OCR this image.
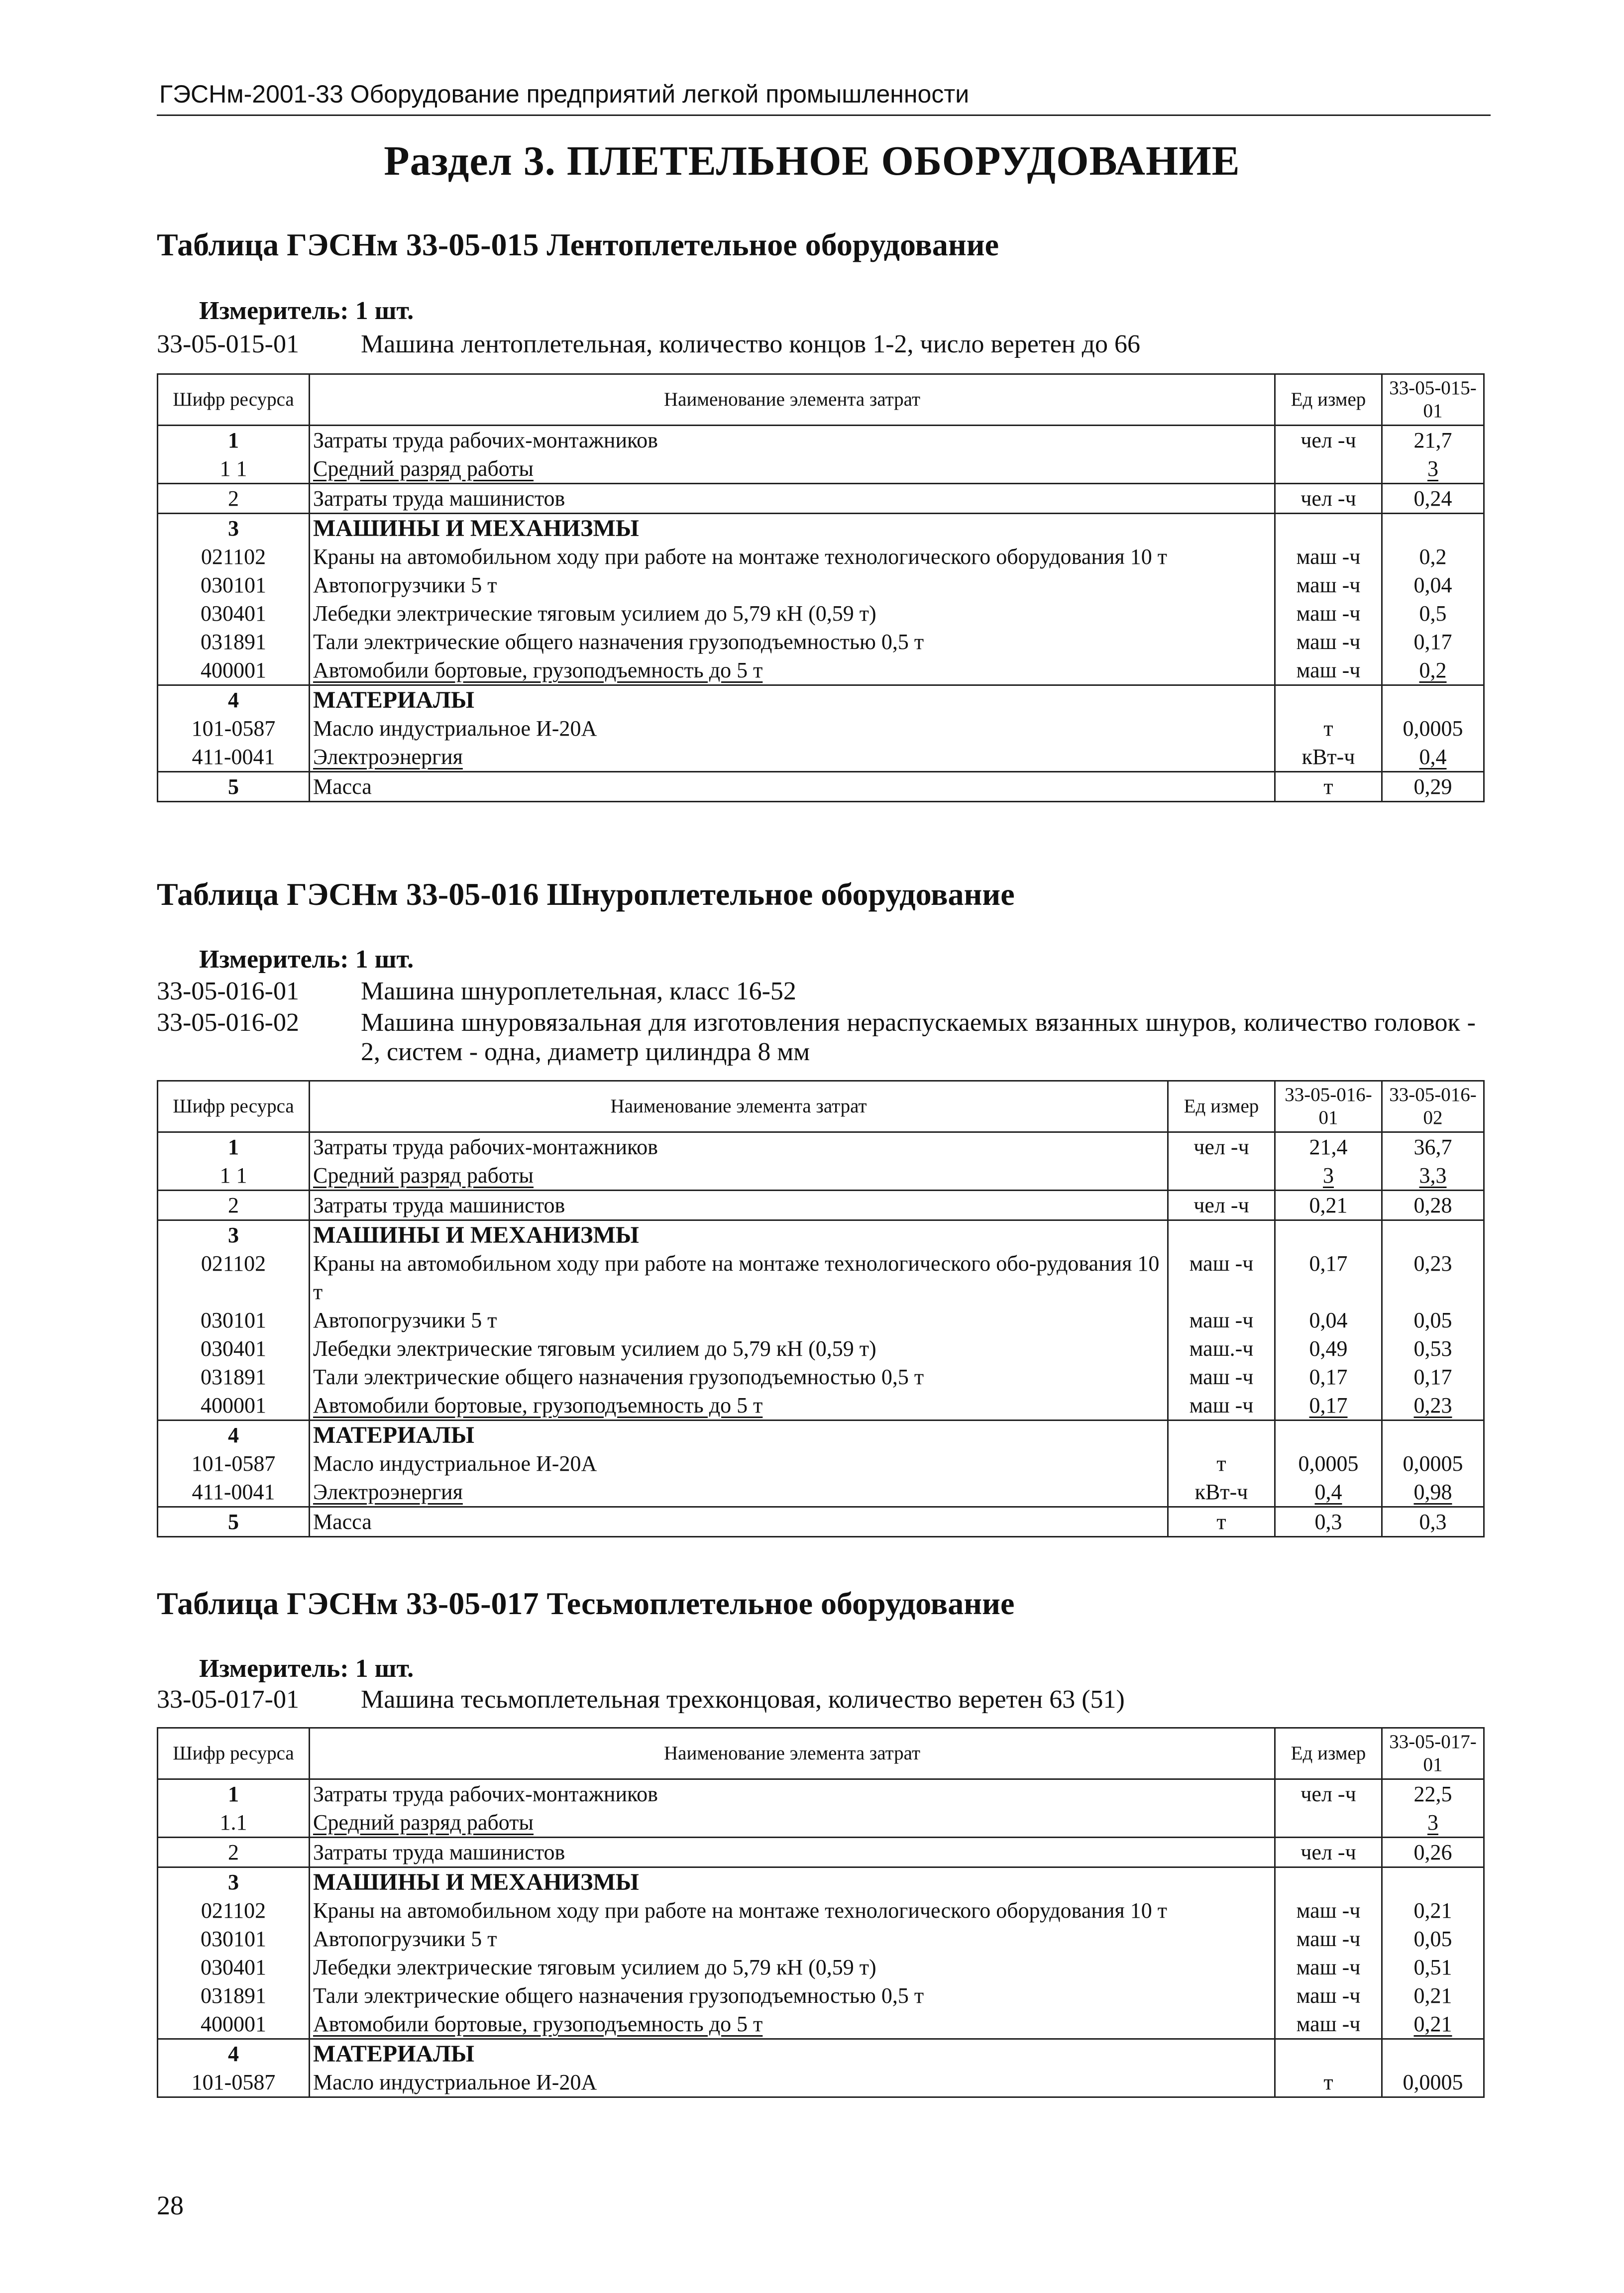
ГЭСНм-2001-33 Оборудование предприятий легкой промышленности
Раздел 3. ПЛЕТЕЛЬНОЕ ОБОРУДОВАНИЕ
Таблица ГЭСНм 33-05-015 Лентоплетельное оборудование
Измеритель: 1 шт.
33-05-015-01 Машина лентоплетельная, количество концов 1-2, число веретен до 66
Шифр ресурса	Наименование элемента затрат	Ед измер	33-05-015-01
1	Затраты труда рабочих-монтажников	чел -ч	21,7
1 1	Средний разряд работы		3
2	Затраты труда машинистов	чел -ч	0,24
3	МАШИНЫ И МЕХАНИЗМЫ		
021102	Краны на автомобильном ходу при работе на монтаже технологического оборудования 10 т	маш -ч	0,2
030101	Автопогрузчики 5 т	маш -ч	0,04
030401	Лебедки электрические тяговым усилием до 5,79 кН (0,59 т)	маш -ч	0,5
031891	Тали электрические общего назначения грузоподъемностью 0,5 т	маш -ч	0,17
400001	Автомобили бортовые, грузоподъемность до 5 т	маш -ч	0,2
4	МАТЕРИАЛЫ		
101-0587	Масло индустриальное И-20А	т	0,0005
411-0041	Электроэнергия	кВт-ч	0,4
5	Масса	т	0,29
Таблица ГЭСНм 33-05-016 Шнуроплетельное оборудование
Измеритель: 1 шт.
33-05-016-01 Машина шнуроплетельная, класс 16-52
33-05-016-02 Машина шнуровязальная для изготовления нераспускаемых вязанных шнуров, количество головок - 2, систем - одна, диаметр цилиндра 8 мм
Шифр ресурса	Наименование элемента затрат	Ед измер	33-05-016-01	33-05-016-02
1	Затраты труда рабочих-монтажников	чел -ч	21,4	36,7
1 1	Средний разряд работы		3	3,3
2	Затраты труда машинистов	чел -ч	0,21	0,28
3	МАШИНЫ И МЕХАНИЗМЫ			
021102	Краны на автомобильном ходу при работе на монтаже технологического обо-рудования 10 т	маш -ч	0,17	0,23
030101	Автопогрузчики 5 т	маш -ч	0,04	0,05
030401	Лебедки электрические тяговым усилием до 5,79 кН (0,59 т)	маш.-ч	0,49	0,53
031891	Тали электрические общего назначения грузоподъемностью 0,5 т	маш -ч	0,17	0,17
400001	Автомобили бортовые, грузоподъемность до 5 т	маш -ч	0,17	0,23
4	МАТЕРИАЛЫ			
101-0587	Масло индустриальное И-20А	т	0,0005	0,0005
411-0041	Электроэнергия	кВт-ч	0,4	0,98
5	Масса	т	0,3	0,3
Таблица ГЭСНм 33-05-017 Тесьмоплетельное оборудование
Измеритель: 1 шт.
33-05-017-01 Машина тесьмоплетельная трехконцовая, количество веретен 63 (51)
Шифр ресурса	Наименование элемента затрат	Ед измер	33-05-017-01
1	Затраты труда рабочих-монтажников	чел -ч	22,5
1.1	Средний разряд работы		3
2	Затраты труда машинистов	чел -ч	0,26
3	МАШИНЫ И МЕХАНИЗМЫ		
021102	Краны на автомобильном ходу при работе на монтаже технологического оборудования 10 т	маш -ч	0,21
030101	Автопогрузчики 5 т	маш -ч	0,05
030401	Лебедки электрические тяговым усилием до 5,79 кН (0,59 т)	маш -ч	0,51
031891	Тали электрические общего назначения грузоподъемностью 0,5 т	маш -ч	0,21
400001	Автомобили бортовые, грузоподъемность до 5 т	маш -ч	0,21
4	МАТЕРИАЛЫ		
101-0587	Масло индустриальное И-20А	т	0,0005
28
